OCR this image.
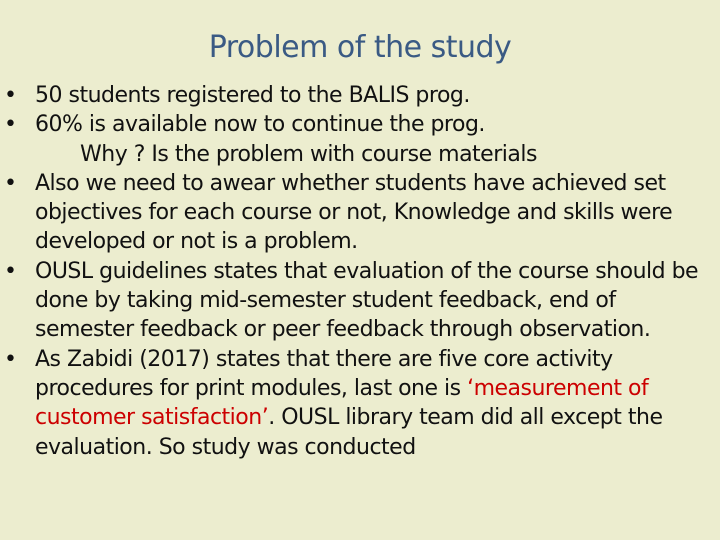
Problem of the study

• 50 students registered to the BALIS prog.

• 60% is available now to continue the prog.

Why ? Is the problem with course materials

• Also we need to awear whether students have achieved set objectives for each course or not, Knowledge and skills were developed or not is a problem.

• OUSL guidelines states that evaluation of the course should be done by taking mid-semester student feedback, end of semester feedback or peer feedback through observation.

• As Zabidi (2017) states that there are five core activity procedures for print modules, last one is ‘measurement of customer satisfaction’. OUSL library team did all except the evaluation. So study was conducted
